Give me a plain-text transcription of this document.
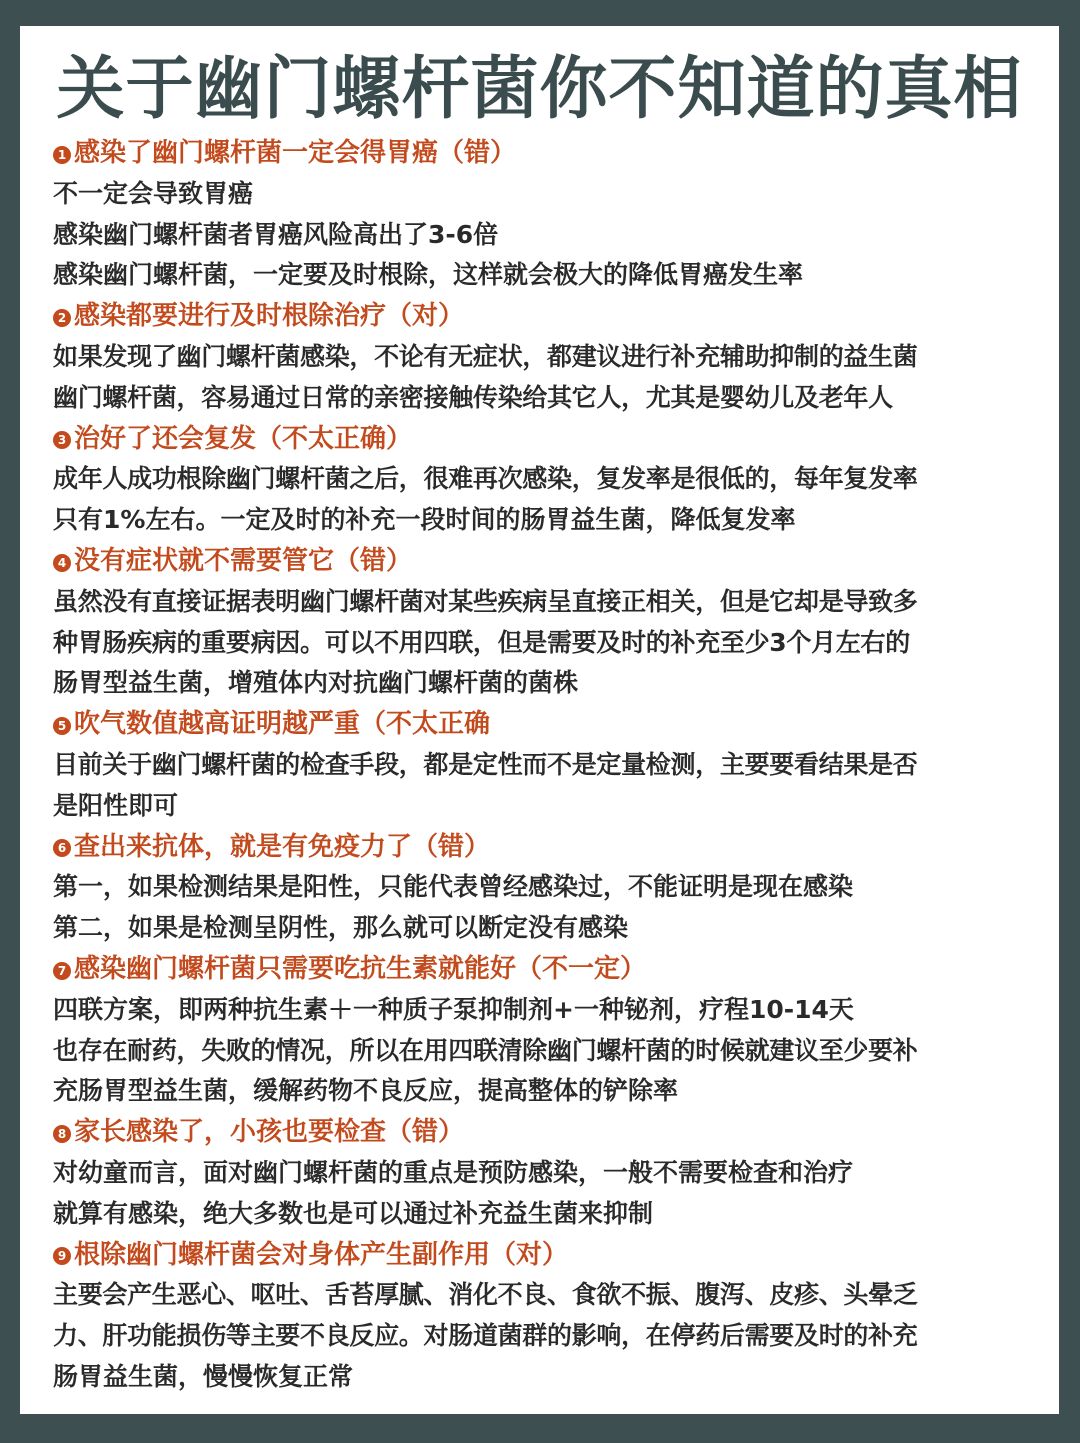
关于幽门螺杆菌你不知道的真相
1 感染了幽门螺杆菌一定会得胃癌（错）
不一定会导致胃癌
感染幽门螺杆菌者胃癌风险高出了3-6倍
感染幽门螺杆菌，一定要及时根除，这样就会极大的降低胃癌发生率
2 感染都要进行及时根除治疗（对）
如果发现了幽门螺杆菌感染，不论有无症状，都建议进行补充辅助抑制的益生菌
幽门螺杆菌，容易通过日常的亲密接触传染给其它人，尤其是婴幼儿及老年人
3 治好了还会复发（不太正确）
成年人成功根除幽门螺杆菌之后，很难再次感染，复发率是很低的，每年复发率
只有1%左右。一定及时的补充一段时间的肠胃益生菌，降低复发率
4 没有症状就不需要管它（错）
虽然没有直接证据表明幽门螺杆菌对某些疾病呈直接正相关，但是它却是导致多
种胃肠疾病的重要病因。可以不用四联，但是需要及时的补充至少3个月左右的
肠胃型益生菌，增殖体内对抗幽门螺杆菌的菌株
5 吹气数值越高证明越严重（不太正确
目前关于幽门螺杆菌的检查手段，都是定性而不是定量检测，主要要看结果是否
是阳性即可
6 查出来抗体，就是有免疫力了（错）
第一，如果检测结果是阳性，只能代表曾经感染过，不能证明是现在感染
第二，如果是检测呈阴性，那么就可以断定没有感染
7 感染幽门螺杆菌只需要吃抗生素就能好（不一定）
四联方案，即两种抗生素＋一种质子泵抑制剂+一种铋剂，疗程10-14天
也存在耐药，失败的情况，所以在用四联清除幽门螺杆菌的时候就建议至少要补
充肠胃型益生菌，缓解药物不良反应，提高整体的铲除率
8 家长感染了，小孩也要检查（错）
对幼童而言，面对幽门螺杆菌的重点是预防感染，一般不需要检查和治疗
就算有感染，绝大多数也是可以通过补充益生菌来抑制
9 根除幽门螺杆菌会对身体产生副作用（对）
主要会产生恶心、呕吐、舌苔厚腻、消化不良、食欲不振、腹泻、皮疹、头晕乏
力、肝功能损伤等主要不良反应。对肠道菌群的影响，在停药后需要及时的补充
肠胃益生菌，慢慢恢复正常
